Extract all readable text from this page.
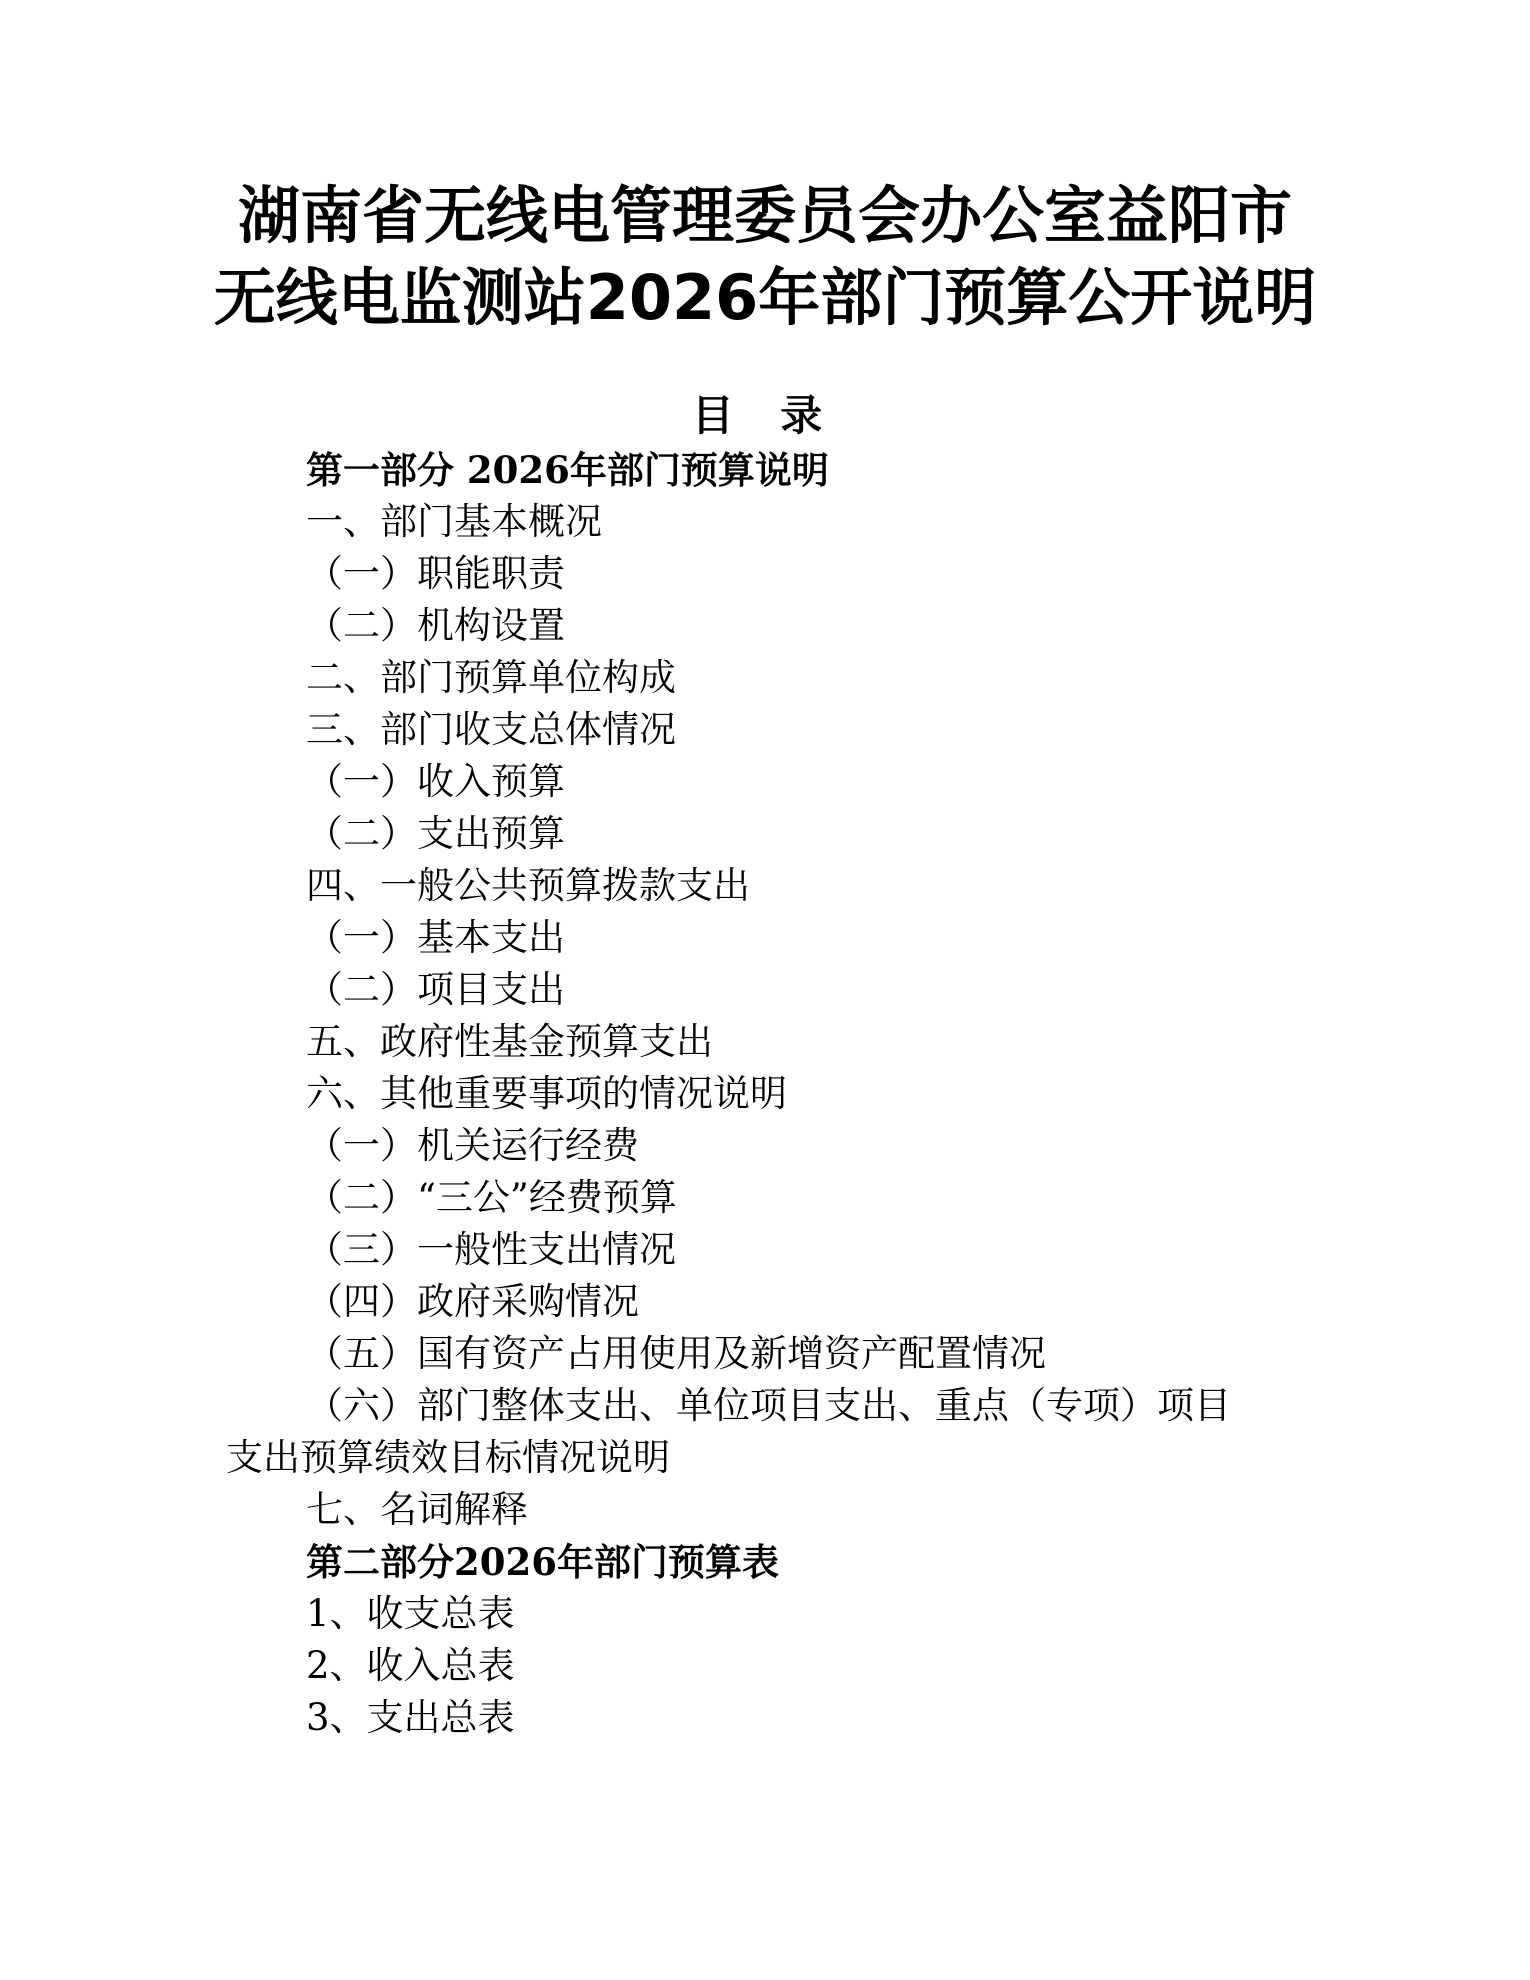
湖南省无线电管理委员会办公室益阳市
无线电监测站2026年部门预算公开说明
目 录
第一部分 2026年部门预算说明
一、部门基本概况
（一）职能职责
（二）机构设置
二、部门预算单位构成
三、部门收支总体情况
（一）收入预算
（二）支出预算
四、一般公共预算拨款支出
（一）基本支出
（二）项目支出
五、政府性基金预算支出
六、其他重要事项的情况说明
（一）机关运行经费
（二）“三公”经费预算
（三）一般性支出情况
（四）政府采购情况
（五）国有资产占用使用及新增资产配置情况
（六）部门整体支出、单位项目支出、重点（专项）项目支出预算绩效目标情况说明
七、名词解释
第二部分2026年部门预算表
1、收支总表
2、收入总表
3、支出总表
